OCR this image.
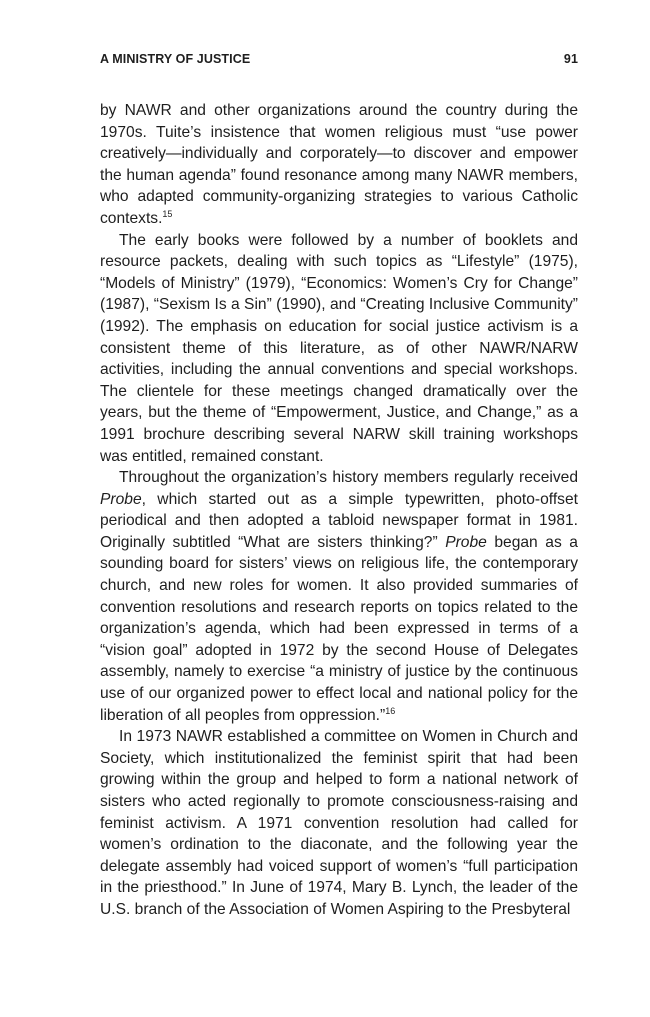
A MINISTRY OF JUSTICE	91

by NAWR and other organizations around the country during the 1970s. Tuite’s insistence that women religious must “use power creatively—individually and corporately—to discover and empower the human agenda” found resonance among many NAWR members, who adapted community-organizing strategies to various Catholic contexts.$^{15}$

The early books were followed by a number of booklets and resource packets, dealing with such topics as “Lifestyle” (1975), “Models of Ministry” (1979), “Economics: Women’s Cry for Change” (1987), “Sexism Is a Sin” (1990), and “Creating Inclusive Community” (1992). The emphasis on education for social justice activism is a consistent theme of this literature, as of other NAWR/NARW activities, including the annual conventions and special workshops. The clientele for these meetings changed dramatically over the years, but the theme of “Empowerment, Justice, and Change,” as a 1991 brochure describing several NARW skill training workshops was entitled, remained constant.

Throughout the organization’s history members regularly received Probe, which started out as a simple typewritten, photo-offset periodical and then adopted a tabloid newspaper format in 1981. Originally subtitled “What are sisters thinking?” Probe began as a sounding board for sisters’ views on religious life, the contemporary church, and new roles for women. It also provided summaries of convention resolutions and research reports on topics related to the organization’s agenda, which had been expressed in terms of a “vision goal” adopted in 1972 by the second House of Delegates assembly, namely to exercise “a ministry of justice by the continuous use of our organized power to effect local and national policy for the liberation of all peoples from oppression.”$^{16}$

In 1973 NAWR established a committee on Women in Church and Society, which institutionalized the feminist spirit that had been growing within the group and helped to form a national network of sisters who acted regionally to promote consciousness-raising and feminist activism. A 1971 convention resolution had called for women’s ordination to the diaconate, and the following year the delegate assembly had voiced support of women’s “full participation in the priesthood.” In June of 1974, Mary B. Lynch, the leader of the U.S. branch of the Association of Women Aspiring to the Presbyteral
